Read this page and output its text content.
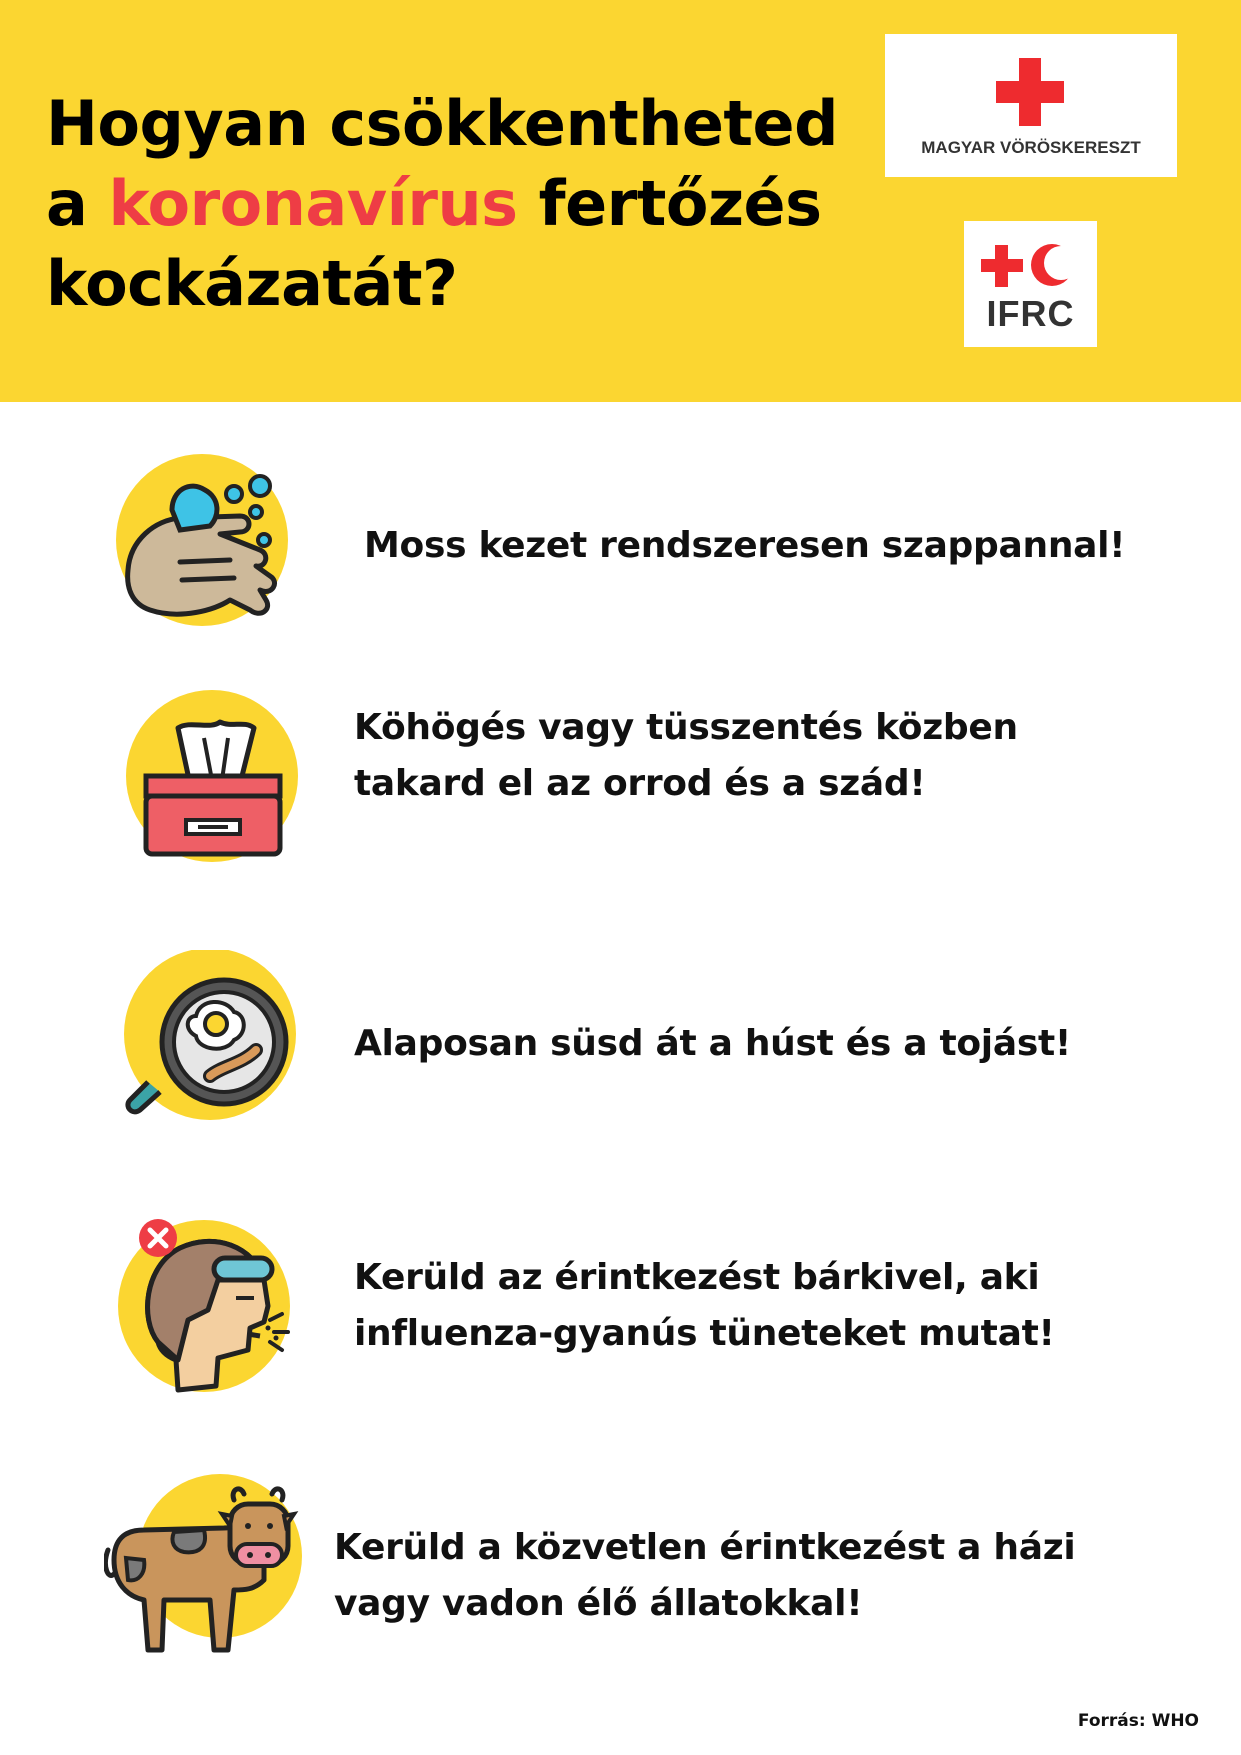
Hogyan csökkentheted
a koronavírus fertőzés
kockázatát?
MAGYAR VÖRÖSKERESZT
IFRC
Moss kezet rendszeresen szappannal!
Köhögés vagy tüsszentés közben
takard el az orrod és a szád!
Alaposan süsd át a húst és a tojást!
Kerüld az érintkezést bárkivel, aki
influenza-gyanús tüneteket mutat!
Kerüld a közvetlen érintkezést a házi
vagy vadon élő állatokkal!
Forrás: WHO
